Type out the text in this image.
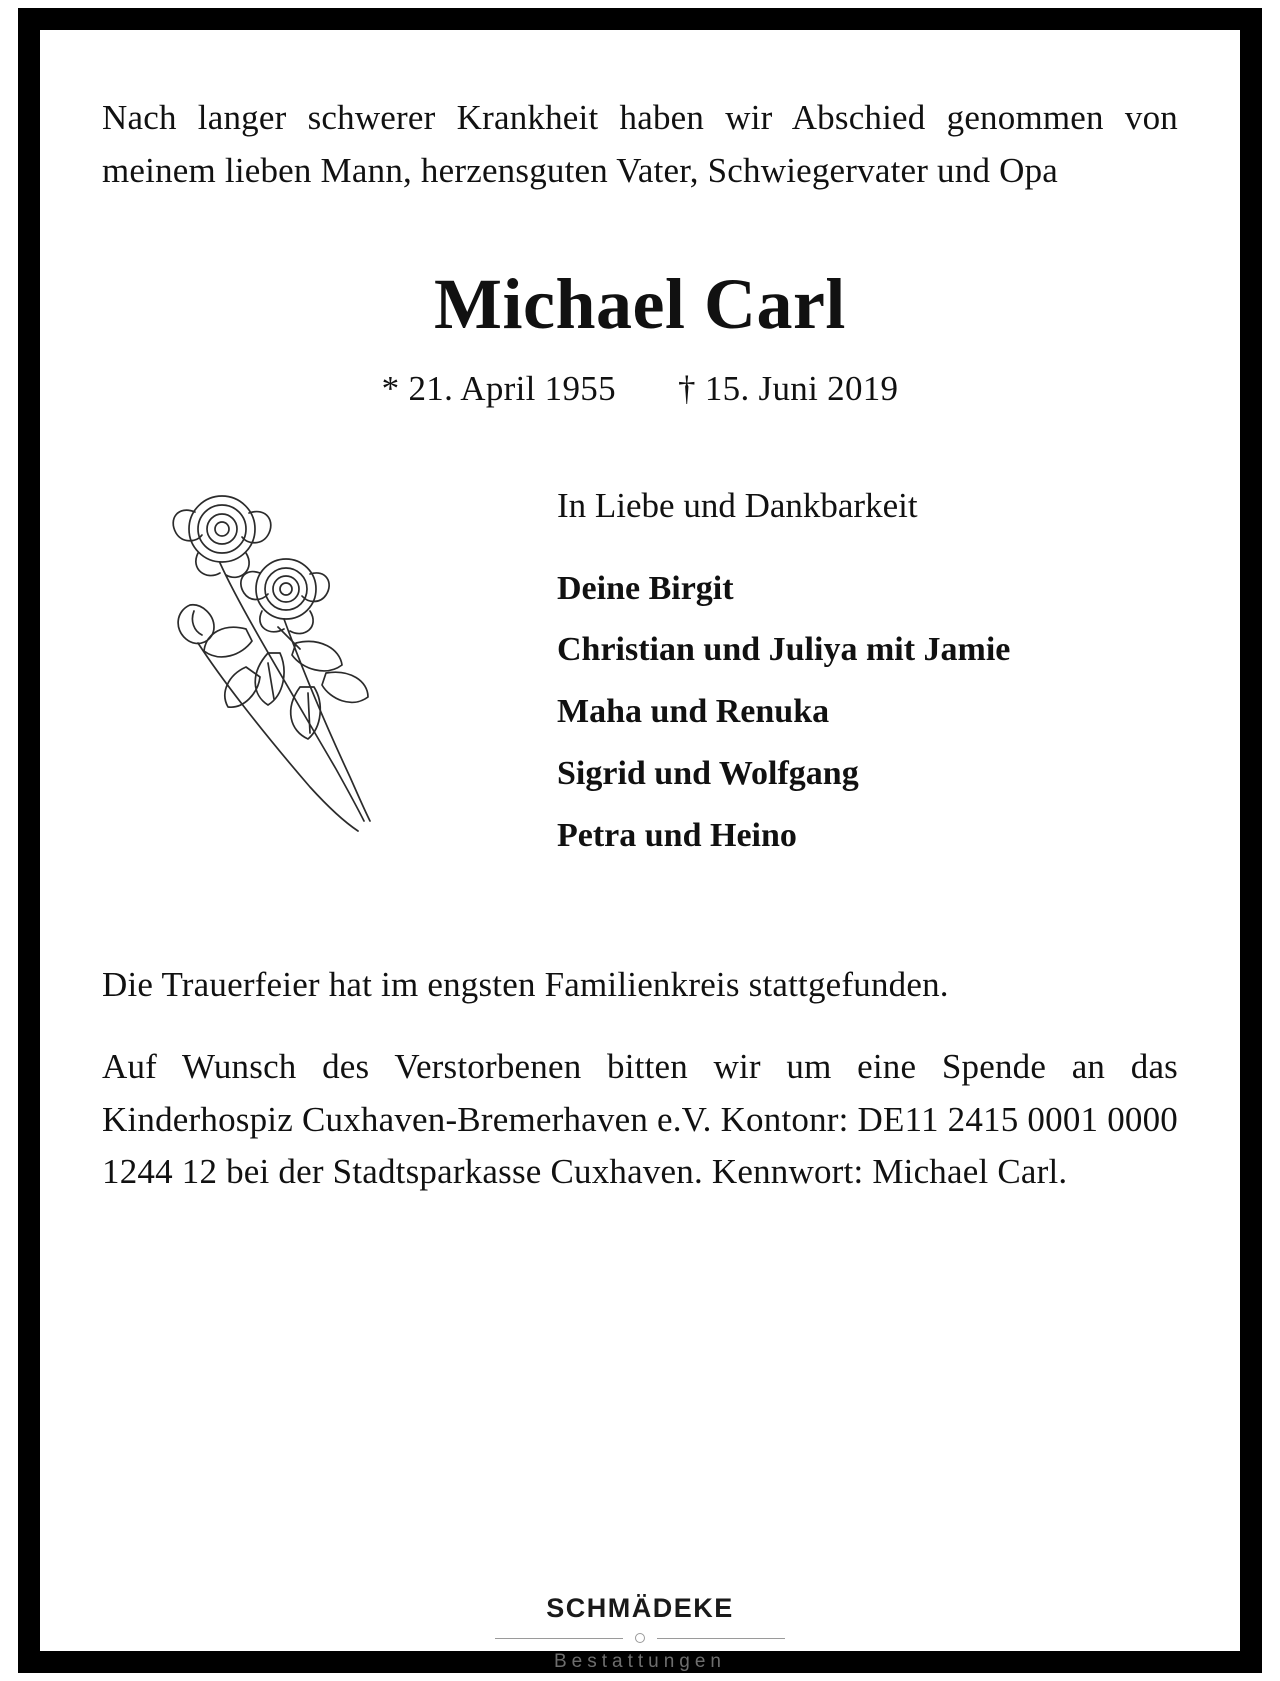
Nach langer schwerer Krankheit haben wir Abschied genommen von meinem lieben Mann, herzensguten Vater, Schwiegervater und Opa
Michael Carl
* 21. April 1955 † 15. Juni 2019
In Liebe und Dankbarkeit
Deine Birgit
Christian und Juliya mit Jamie
Maha und Renuka
Sigrid und Wolfgang
Petra und Heino

Die Trauerfeier hat im engsten Familienkreis stattgefunden.

Auf Wunsch des Verstorbenen bitten wir um eine Spende an das Kinderhospiz Cuxhaven-Bremerhaven e.V. Kontonr: DE11 2415 0001 0000 1244 12 bei der Stadtsparkasse Cuxhaven. Kennwort: Michael Carl.

SCHMÄDEKE
Bestattungen
